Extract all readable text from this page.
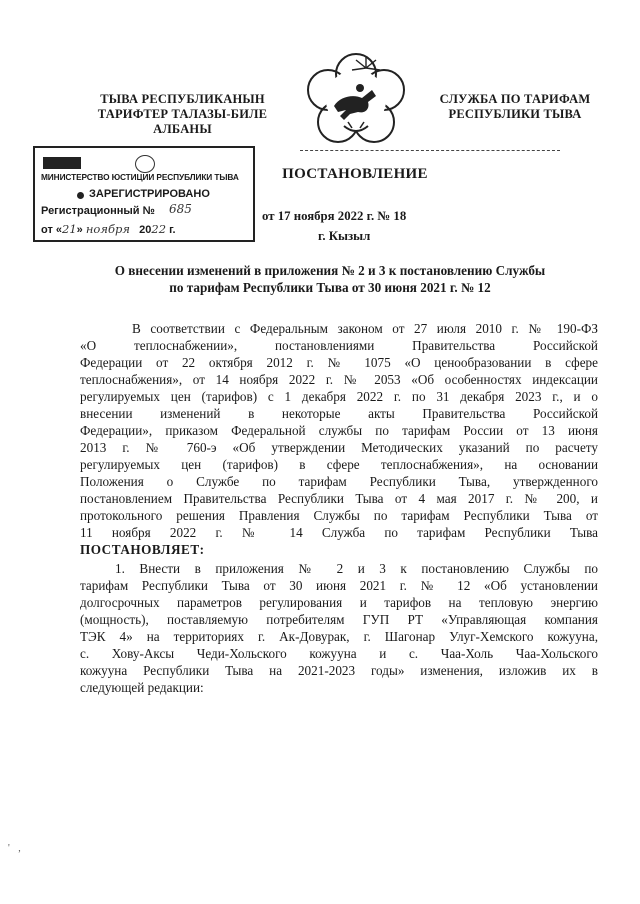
ТЫВА РЕСПУБЛИКАНЫН
ТАРИФТЕР ТАЛАЗЫ-БИЛЕ
АЛБАНЫ
СЛУЖБА ПО ТАРИФАМ
РЕСПУБЛИКИ ТЫВА
МИНИСТЕРСТВО ЮСТИЦИИ РЕСПУБЛИКИ ТЫВА
ЗАРЕГИСТРИРОВАНО
Регистрационный № 685
от «21» ноября 2022 г.
ПОСТАНОВЛЕНИЕ
от 17 ноября 2022 г. № 18
г. Кызыл
О внесении изменений в приложения № 2 и 3 к постановлению Службы
по тарифам Республики Тыва от 30 июня 2021 г. № 12
В соответствии с Федеральным законом от 27 июля 2010 г. № 190-ФЗ
«О теплоснабжении», постановлениями Правительства Российской
Федерации от 22 октября 2012 г. № 1075 «О ценообразовании в сфере
теплоснабжения», от 14 ноября 2022 г. № 2053 «Об особенностях индексации
регулируемых цен (тарифов) с 1 декабря 2022 г. по 31 декабря 2023 г., и о
внесении изменений в некоторые акты Правительства Российской
Федерации», приказом Федеральной службы по тарифам России от 13 июня
2013 г. № 760-э «Об утверждении Методических указаний по расчету
регулируемых цен (тарифов) в сфере теплоснабжения», на основании
Положения о Службе по тарифам Республики Тыва, утвержденного
постановлением Правительства Республики Тыва от 4 мая 2017 г. № 200, и
протокольного решения Правления Службы по тарифам Республики Тыва от
11 ноября 2022 г. № 14 Служба по тарифам Республики Тыва
ПОСТАНОВЛЯЕТ:
1. Внести в приложения № 2 и 3 к постановлению Службы по
тарифам Республики Тыва от 30 июня 2021 г. № 12 «Об установлении
долгосрочных параметров регулирования и тарифов на тепловую энергию
(мощность), поставляемую потребителям ГУП РТ «Управляющая компания
ТЭК 4» на территориях г. Ак-Довурак, г. Шагонар Улуг-Хемского кожууна,
с. Хову-Аксы Чеди-Хольского кожууна и с. Чаа-Холь Чаа-Хольского
кожууна Республики Тыва на 2021-2023 годы» изменения, изложив их в
следующей редакции:
' ,
